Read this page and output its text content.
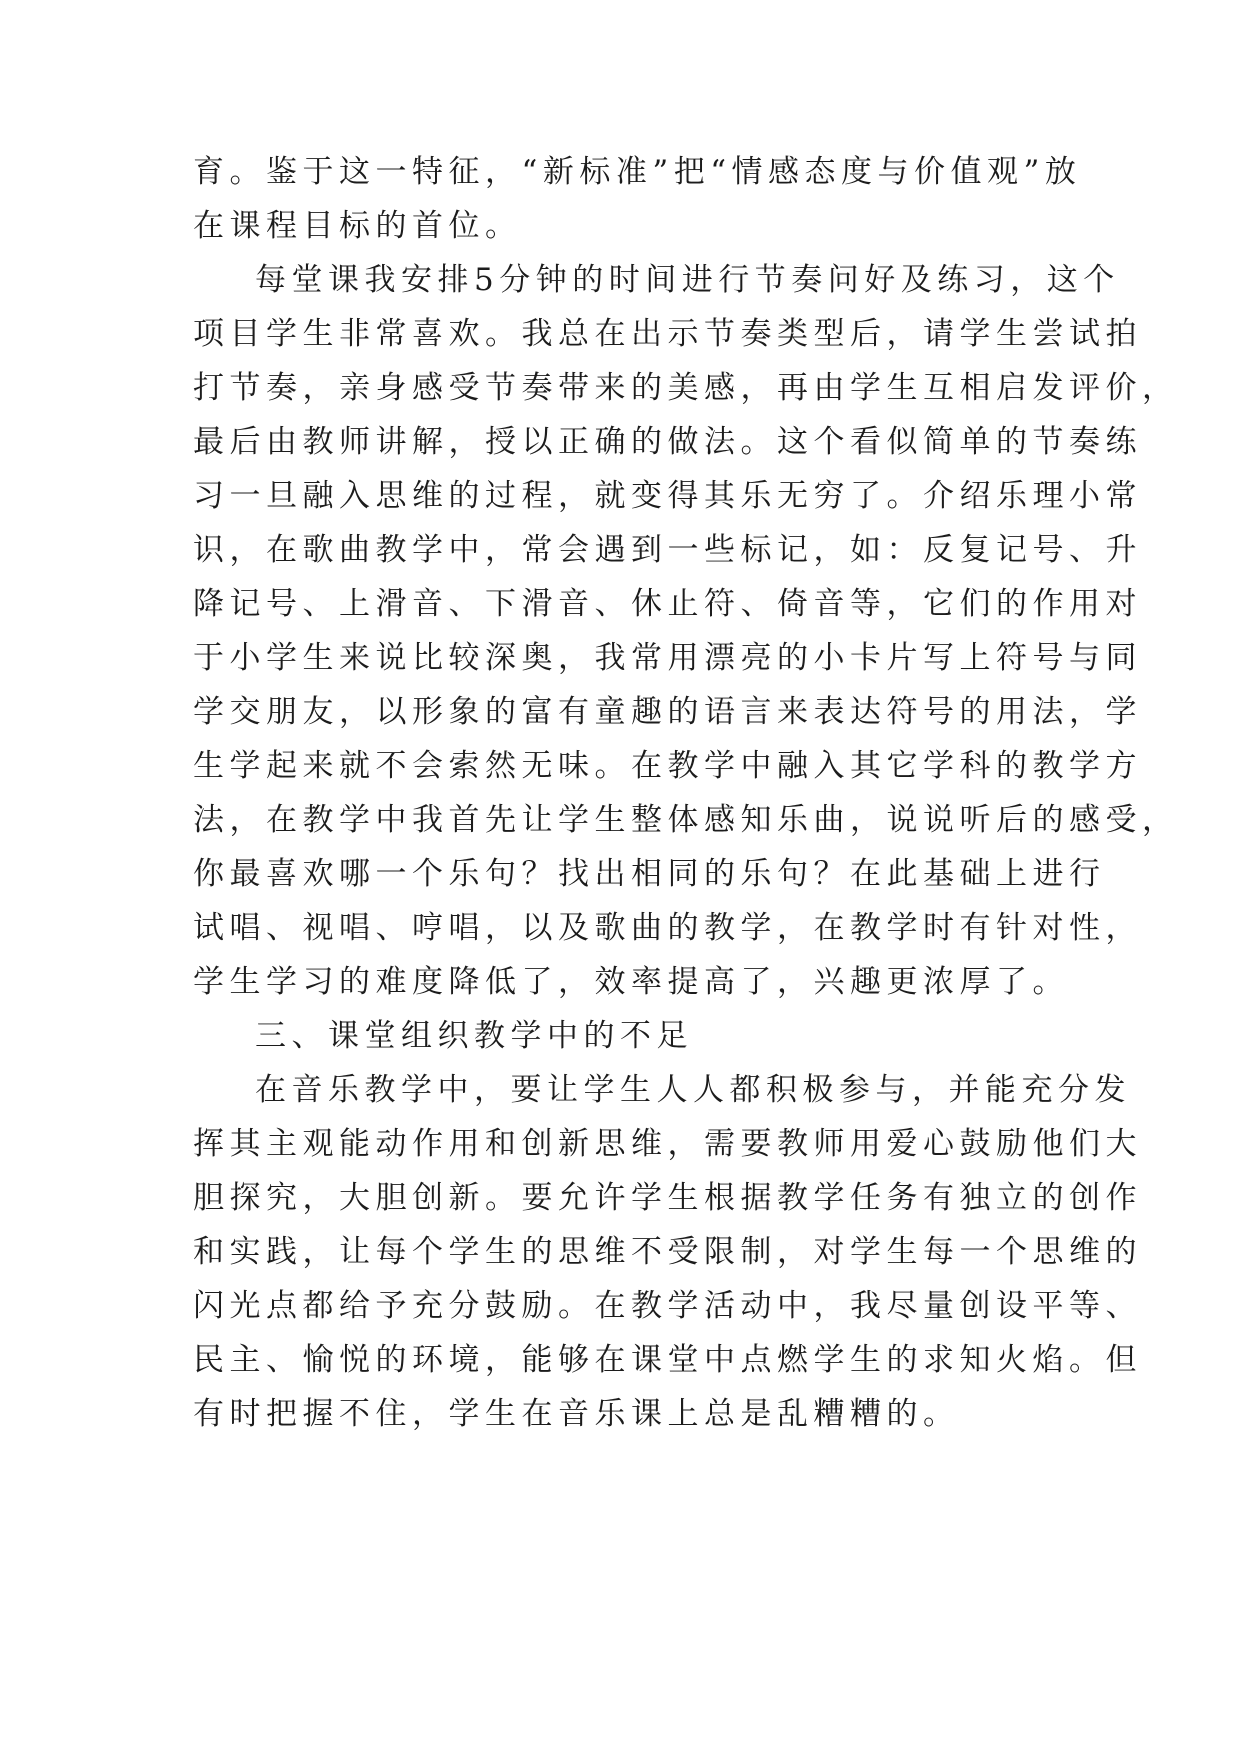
育。鉴于这一特征，“新标准”把“情感态度与价值观”放
在课程目标的首位。
每堂课我安排5分钟的时间进行节奏问好及练习，这个
项目学生非常喜欢。我总在出示节奏类型后，请学生尝试拍
打节奏，亲身感受节奏带来的美感，再由学生互相启发评价，
最后由教师讲解，授以正确的做法。这个看似简单的节奏练
习一旦融入思维的过程，就变得其乐无穷了。介绍乐理小常
识，在歌曲教学中，常会遇到一些标记，如：反复记号、升
降记号、上滑音、下滑音、休止符、倚音等，它们的作用对
于小学生来说比较深奥，我常用漂亮的小卡片写上符号与同
学交朋友，以形象的富有童趣的语言来表达符号的用法，学
生学起来就不会索然无味。在教学中融入其它学科的教学方
法，在教学中我首先让学生整体感知乐曲，说说听后的感受，
你最喜欢哪一个乐句？找出相同的乐句？在此基础上进行
试唱、视唱、哼唱，以及歌曲的教学，在教学时有针对性，
学生学习的难度降低了，效率提高了，兴趣更浓厚了。
三、课堂组织教学中的不足
在音乐教学中，要让学生人人都积极参与，并能充分发
挥其主观能动作用和创新思维，需要教师用爱心鼓励他们大
胆探究，大胆创新。要允许学生根据教学任务有独立的创作
和实践，让每个学生的思维不受限制，对学生每一个思维的
闪光点都给予充分鼓励。在教学活动中，我尽量创设平等、
民主、愉悦的环境，能够在课堂中点燃学生的求知火焰。但
有时把握不住，学生在音乐课上总是乱糟糟的。
